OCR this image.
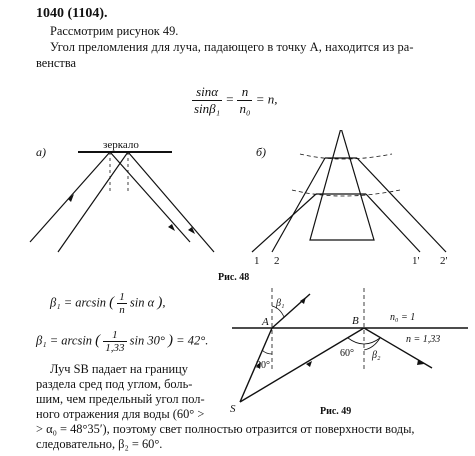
1040 (1104).
Рассмотрим рисунок 49.
Угол преломления для луча, падающего в точку A, находится из ра-
венства
$\frac{\sin\alpha}{\text{sinβ₁}} = \frac{n}{\text{n₀}} = n$,
зеркало
а)	б)
1 2	1' 2'
Рис. 48
β₁ = arcsin ( $\frac{1}{n}$ sin α ),
β₁ = arcsin ( $\frac{1}{1,33}$ sin 30° ) = 42°.
Луч SB падает на границу
раздела сред под углом, боль-
шим, чем предельный угол пол-
ного отражения для воды (60° >
> α₀ = 48°35′), поэтому свет полностью отразится от поверхности воды,
следовательно, β₂ = 60°.
A	B
S
β₁
β₂
n₀ = 1
n = 1,33
60°
30°
Рис. 49
